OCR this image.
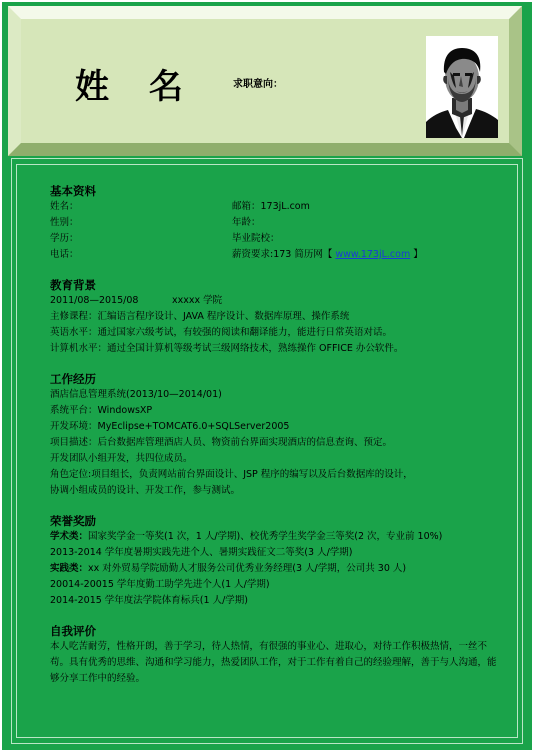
姓 名	求职意向：
基本资料
姓名：	邮箱：173jL.com
性别：	年龄：
学历：	毕业院校：
电话：	薪资要求:173 简历网【 www.173jL.com 】
教育背景
2011/08—2015/08	xxxxx 学院
主修课程：汇编语言程序设计、JAVA 程序设计、数据库原理、操作系统
英语水平：通过国家六级考试，有较强的阅读和翻译能力，能进行日常英语对话。
计算机水平：通过全国计算机等级考试三级网络技术，熟练操作 OFFICE 办公软件。
工作经历
酒店信息管理系统(2013/10—2014/01)
系统平台：WindowsXP
开发环境：MyEclipse+TOMCAT6.0+SQLServer2005
项目描述：后台数据库管理酒店人员、物资前台界面实现酒店的信息查询、预定。
开发团队小组开发，共四位成员。
角色定位:项目组长，负责网站前台界面设计、JSP 程序的编写以及后台数据库的设计，
协调小组成员的设计、开发工作，参与测试。
荣誉奖励
学术类：国家奖学金一等奖(1 次，1 人/学期)、校优秀学生奖学金三等奖(2 次，专业前 10%)
2013-2014 学年度暑期实践先进个人、暑期实践征文二等奖(3 人/学期)
实践类：xx 对外贸易学院励勤人才服务公司优秀业务经理(3 人/学期，公司共 30 人)
20014-20015 学年度勤工助学先进个人(1 人/学期)
2014-2015 学年度法学院体育标兵(1 人/学期)
自我评价
本人吃苦耐劳，性格开朗，善于学习，待人热情，有很强的事业心、进取心，对待工作积极热情，一丝不苟。具有优秀的思维、沟通和学习能力，热爱团队工作，对于工作有着自己的经验理解，善于与人沟通，能够分享工作中的经验。
